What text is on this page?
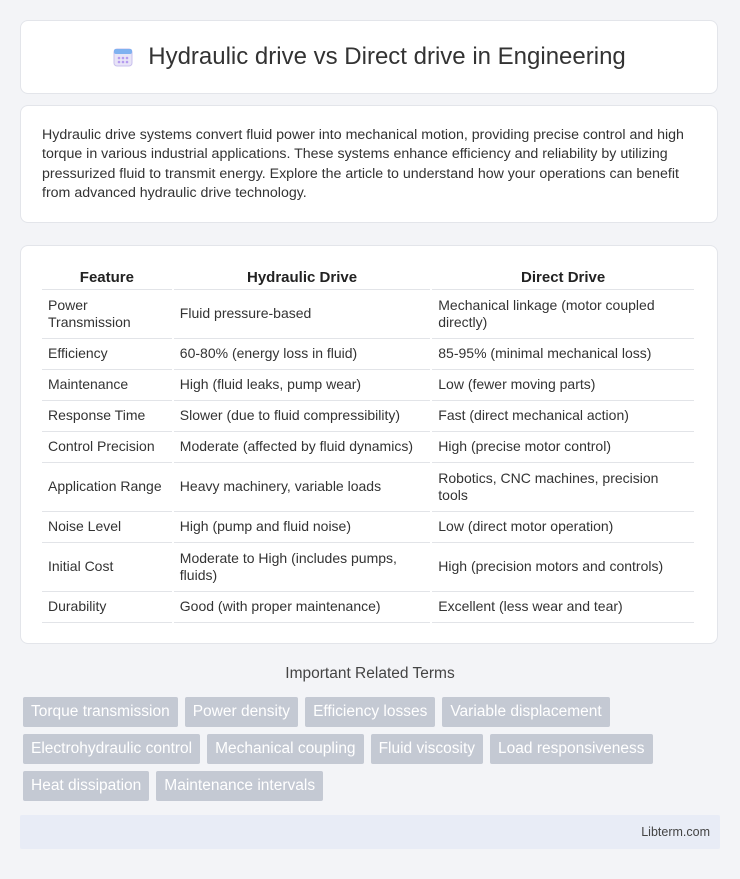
Hydraulic drive vs Direct drive in Engineering

Hydraulic drive systems convert fluid power into mechanical motion, providing precise control and high torque in various industrial applications. These systems enhance efficiency and reliability by utilizing pressurized fluid to transmit energy. Explore the article to understand how your operations can benefit from advanced hydraulic drive technology.

Feature	Hydraulic Drive	Direct Drive
Power Transmission	Fluid pressure-based	Mechanical linkage (motor coupled directly)
Efficiency	60-80% (energy loss in fluid)	85-95% (minimal mechanical loss)
Maintenance	High (fluid leaks, pump wear)	Low (fewer moving parts)
Response Time	Slower (due to fluid compressibility)	Fast (direct mechanical action)
Control Precision	Moderate (affected by fluid dynamics)	High (precise motor control)
Application Range	Heavy machinery, variable loads	Robotics, CNC machines, precision tools
Noise Level	High (pump and fluid noise)	Low (direct motor operation)
Initial Cost	Moderate to High (includes pumps, fluids)	High (precision motors and controls)
Durability	Good (with proper maintenance)	Excellent (less wear and tear)
Important Related Terms
Torque transmission	Power density	Efficiency losses	Variable displacement
Electrohydraulic control	Mechanical coupling	Fluid viscosity	Load responsiveness
Heat dissipation	Maintenance intervals
Libterm.com
